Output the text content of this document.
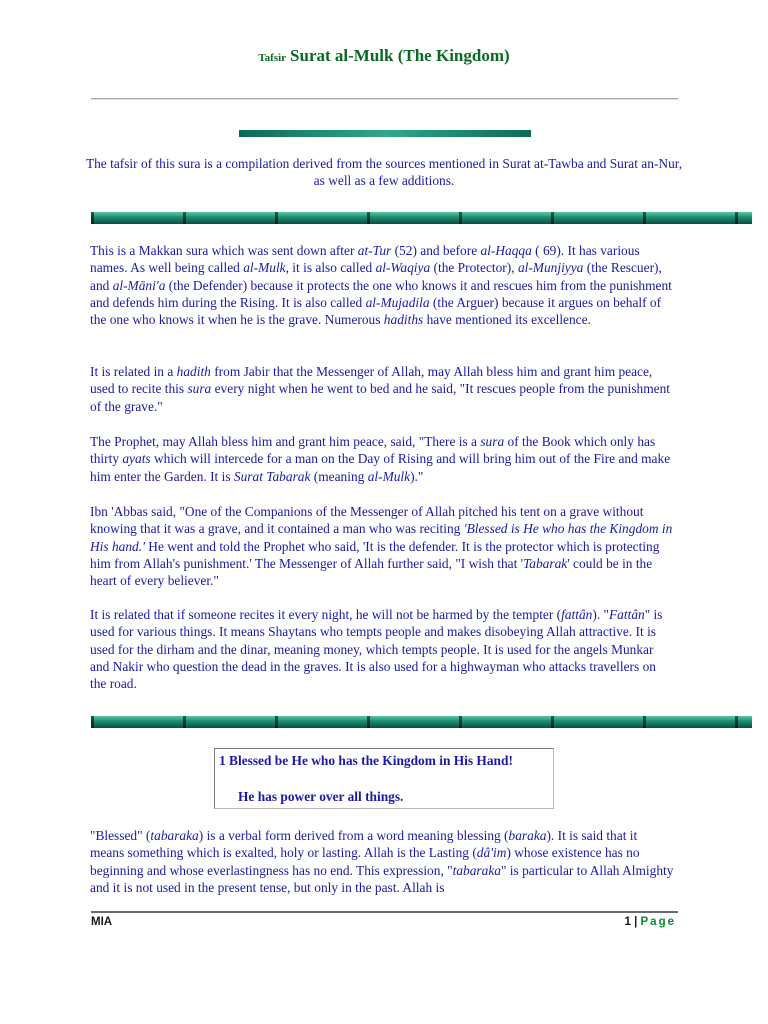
Tafsir Surat al-Mulk (The Kingdom)

The tafsir of this sura is a compilation derived from the sources mentioned in Surat at-Tawba and Surat an-Nur, as well as a few additions.

This is a Makkan sura which was sent down after at-Tur (52) and before al-Haqqa ( 69). It has various names. As well being called al-Mulk, it is also called al-Waqiya (the Protector), al-Munjiyya (the Rescuer), and al-Māni'a (the Defender) because it protects the one who knows it and rescues him from the punishment and defends him during the Rising. It is also called al-Mujadila (the Arguer) because it argues on behalf of the one who knows it when he is the grave. Numerous hadiths have mentioned its excellence.

It is related in a hadith from Jabir that the Messenger of Allah, may Allah bless him and grant him peace, used to recite this sura every night when he went to bed and he said, "It rescues people from the punishment of the grave."

The Prophet, may Allah bless him and grant him peace, said, "There is a sura of the Book which only has thirty ayats which will intercede for a man on the Day of Rising and will bring him out of the Fire and make him enter the Garden. It is Surat Tabarak (meaning al-Mulk)."

Ibn 'Abbas said, "One of the Companions of the Messenger of Allah pitched his tent on a grave without knowing that it was a grave, and it contained a man who was reciting 'Blessed is He who has the Kingdom in His hand.' He went and told the Prophet who said, 'It is the defender. It is the protector which is protecting him from Allah's punishment.' The Messenger of Allah further said, "I wish that 'Tabarak' could be in the heart of every believer."

It is related that if someone recites it every night, he will not be harmed by the tempter (fattân). "Fattân" is used for various things. It means Shaytans who tempts people and makes disobeying Allah attractive. It is used for the dirham and the dinar, meaning money, which tempts people. It is used for the angels Munkar and Nakir who question the dead in the graves. It is also used for a highwayman who attacks travellers on the road.

1 Blessed be He who has the Kingdom in His Hand!
He has power over all things.

"Blessed" (tabaraka) is a verbal form derived from a word meaning blessing (baraka). It is said that it means something which is exalted, holy or lasting. Allah is the Lasting (dâ'im) whose existence has no beginning and whose everlastingness has no end. This expression, "tabaraka" is particular to Allah Almighty and it is not used in the present tense, but only in the past. Allah is

MIA	1 | Page
